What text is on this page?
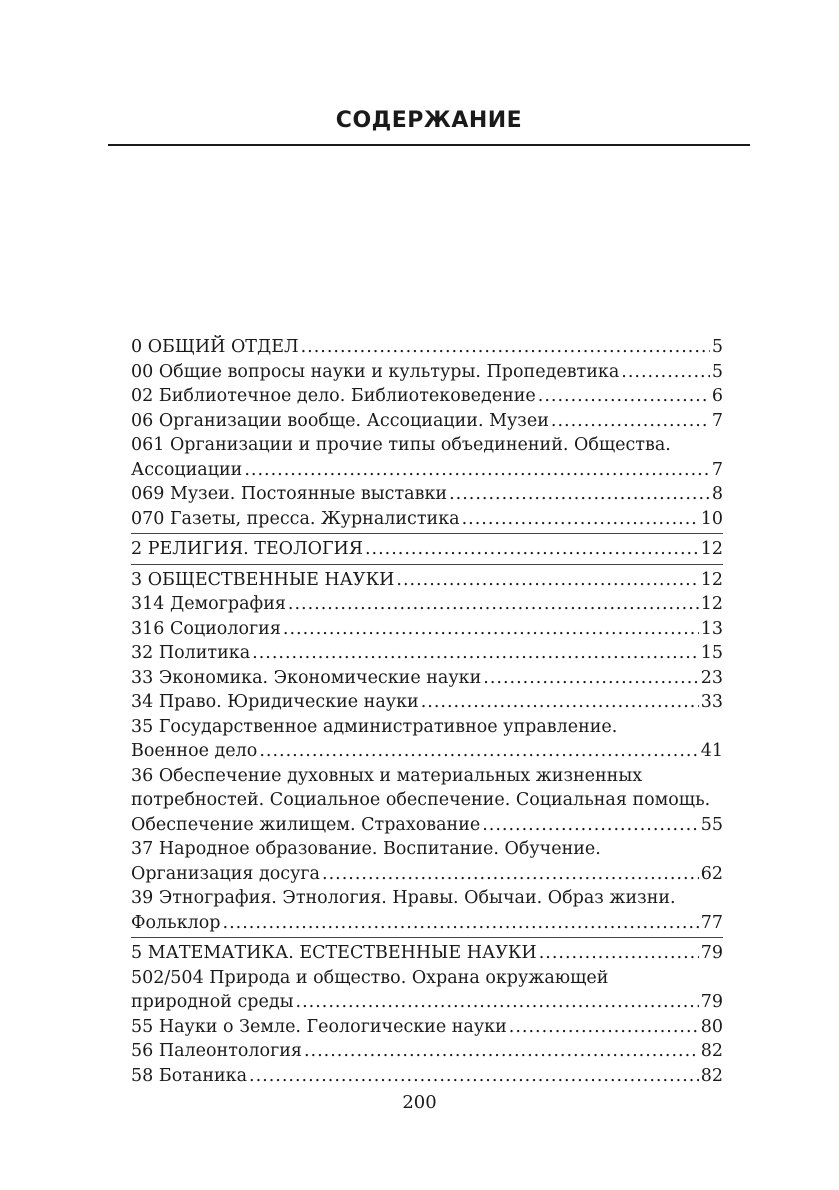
СОДЕРЖАНИЕ
0 ОБЩИЙ ОТДЕЛ .....	5
00 Общие вопросы науки и культуры. Пропедевтика .....	5
02 Библиотечное дело. Библиотековедение .....	6
06 Организации вообще. Ассоциации. Музеи .....	7
061 Организации и прочие типы объединений. Общества.
Ассоциации .....	7
069 Музеи. Постоянные выставки .....	8
070 Газеты, пресса. Журналистика .....	10
2 РЕЛИГИЯ. ТЕОЛОГИЯ .....	12
3 ОБЩЕСТВЕННЫЕ НАУКИ .....	12
314 Демография .....	12
316 Социология .....	13
32 Политика .....	15
33 Экономика. Экономические науки .....	23
34 Право. Юридические науки .....	33
35 Государственное административное управление.
Военное дело .....	41
36 Обеспечение духовных и материальных жизненных
потребностей. Социальное обеспечение. Социальная помощь.
Обеспечение жилищем. Страхование .....	55
37 Народное образование. Воспитание. Обучение.
Организация досуга .....	62
39 Этнография. Этнология. Нравы. Обычаи. Образ жизни.
Фольклор .....	77
5 МАТЕМАТИКА. ЕСТЕСТВЕННЫЕ НАУКИ .....	79
502/504 Природа и общество. Охрана окружающей
природной среды .....	79
55 Науки о Земле. Геологические науки .....	80
56 Палеонтология .....	82
58 Ботаника .....	82
200
